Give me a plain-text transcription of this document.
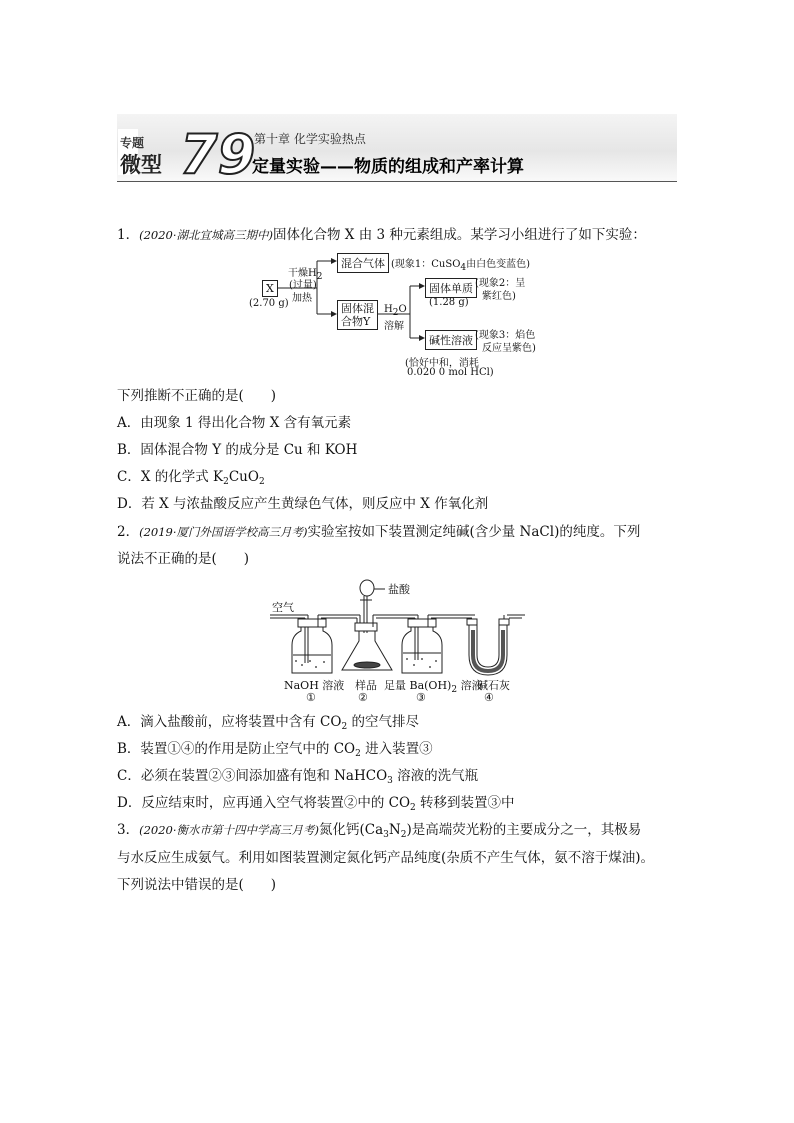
专题
微型 79
第十章 化学实验热点
定量实验——物质的组成和产率计算
1．(2020·湖北宜城高三期中)固体化合物 X 由 3 种元素组成。某学习小组进行了如下实验：
X
(2.70 g)
干燥$H_2$
(过量)
加热
混合气体 (现象1：CuSO$_4$由白色变蓝色)
固体混
合物Y
$H_2O$
溶解
固体单质
(1.28 g)
(现象2：呈
紫红色)
碱性溶液 (现象3：焰色
反应呈紫色)
(恰好中和，消耗
0.020 0 mol HCl)
下列推断不正确的是(　　)
A．由现象 1 得出化合物 X 含有氧元素
B．固体混合物 Y 的成分是 Cu 和 KOH
C．X 的化学式 $K_2CuO_2$
D．若 X 与浓盐酸反应产生黄绿色气体，则反应中 X 作氧化剂
2．(2019·厦门外国语学校高三月考)实验室按如下装置测定纯碱(含少量 NaCl)的纯度。下列
说法不正确的是(　　)
空气
盐酸
NaOH 溶液
①
样品
②
足量 $Ba(OH)_2$ 溶液
③
碱石灰
④
A．滴入盐酸前，应将装置中含有 $CO_2$ 的空气排尽
B．装置①④的作用是防止空气中的 $CO_2$ 进入装置③
C．必须在装置②③间添加盛有饱和 NaHCO$_3$ 溶液的洗气瓶
D．反应结束时，应再通入空气将装置②中的 $CO_2$ 转移到装置③中
3．(2020·衡水市第十四中学高三月考)氮化钙$(Ca_3N_2)$是高端荧光粉的主要成分之一，其极易
与水反应生成氨气。利用如图装置测定氮化钙产品纯度(杂质不产生气体，氨不溶于煤油)。
下列说法中错误的是(　　)
